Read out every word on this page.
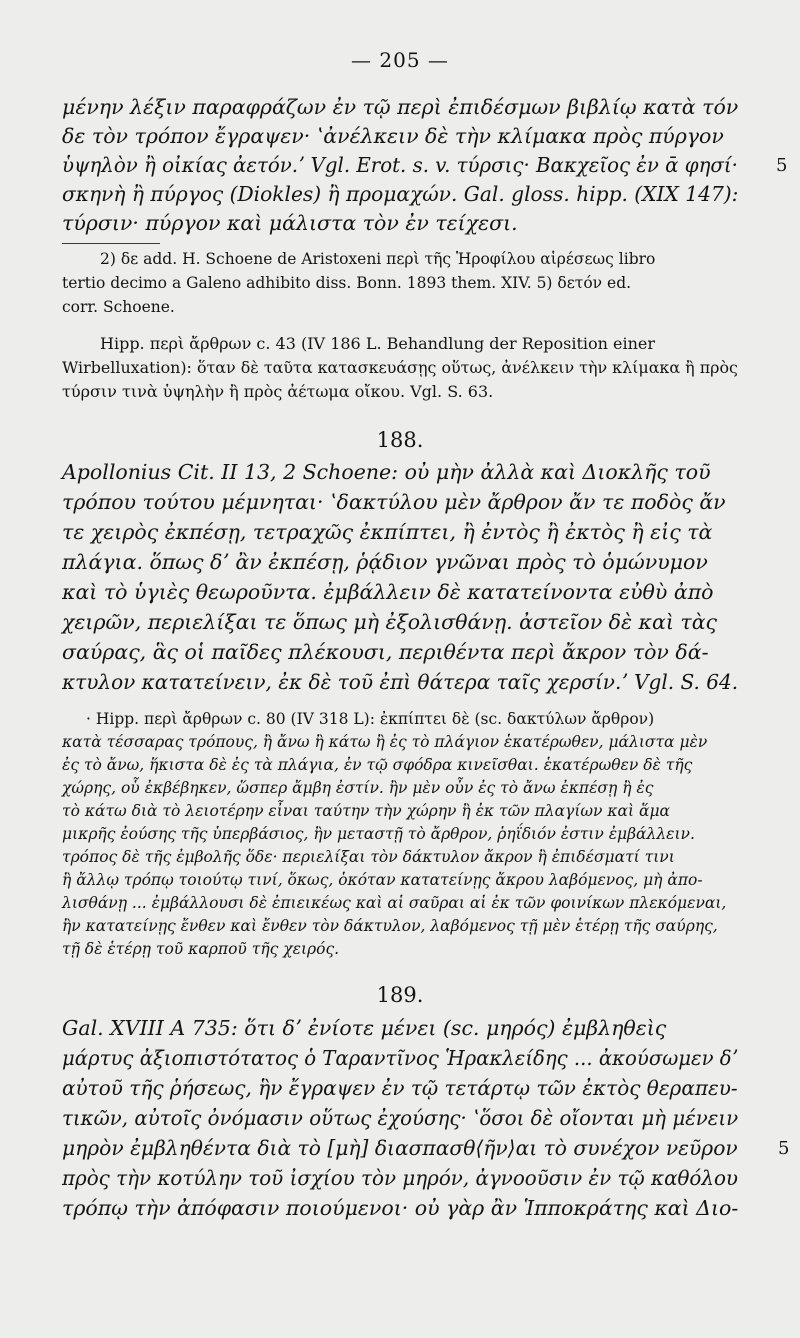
— 205 —
μένην λέξιν παραφράζων ἐν τῷ περὶ ἐπιδέσμων βιβλίῳ κατὰ τόν
δε τὸν τρόπον ἔγραψεν· ʽἀνέλκειν δὲ τὴν κλίμακα πρὸς πύργον
ὑψηλὸν ἢ οἰκίας ἀετόν.ʼ Vgl. Erot. s. v. τύρσις· Βακχεῖος ἐν ᾱ φησί·
σκηνὴ ἢ πύργος (Diokles) ἢ προμαχών. Gal. gloss. hipp. (XIX 147):
τύρσιν· πύργον καὶ μάλιστα τὸν ἐν τείχεσι.
5
2) δε add. H. Schoene de Aristoxeni περὶ τῆς Ἡροφίλου αἱρέσεως libro
tertio decimo a Galeno adhibito diss. Bonn. 1893 them. XIV. 5) δετόν ed.
corr. Schoene.
Hipp. περὶ ἄρθρων c. 43 (IV 186 L. Behandlung der Reposition einer
Wirbelluxation): ὅταν δὲ ταῦτα κατασκευάσῃς οὕτως, ἀνέλκειν τὴν κλίμακα ἢ πρὸς
τύρσιν τινὰ ὑψηλὴν ἢ πρὸς ἀέτωμα οἴκου. Vgl. S. 63.
188.
Apollonius Cit. II 13, 2 Schoene: οὐ μὴν ἀλλὰ καὶ Διοκλῆς τοῦ
τρόπου τούτου μέμνηται· ʽδακτύλου μὲν ἄρθρον ἄν τε ποδὸς ἄν
τε χειρὸς ἐκπέσῃ, τετραχῶς ἐκπίπτει, ἢ ἐντὸς ἢ ἐκτὸς ἢ εἰς τὰ
πλάγια. ὅπως δʼ ἂν ἐκπέσῃ, ῥᾴδιον γνῶναι πρὸς τὸ ὁμώνυμον
καὶ τὸ ὑγιὲς θεωροῦντα. ἐμβάλλειν δὲ κατατείνοντα εὐθὺ ἀπὸ
χειρῶν, περιελίξαι τε ὅπως μὴ ἐξολισθάνῃ. ἀστεῖον δὲ καὶ τὰς
σαύρας, ἃς οἱ παῖδες πλέκουσι, περιθέντα περὶ ἄκρον τὸν δά-
κτυλον κατατείνειν, ἐκ δὲ τοῦ ἐπὶ θάτερα ταῖς χερσίν.ʼ Vgl. S. 64.
· Hipp. περὶ ἄρθρων c. 80 (IV 318 L): ἐκπίπτει δὲ (sc. δακτύλων ἄρθρον)
κατὰ τέσσαρας τρόπους, ἢ ἄνω ἢ κάτω ἢ ἐς τὸ πλάγιον ἑκατέρωθεν, μάλιστα μὲν
ἐς τὸ ἄνω, ἥκιστα δὲ ἐς τὰ πλάγια, ἐν τῷ σφόδρα κινεῖσθαι. ἑκατέρωθεν δὲ τῆς
χώρης, οὗ ἐκβέβηκεν, ὥσπερ ἄμβη ἐστίν. ἢν μὲν οὖν ἐς τὸ ἄνω ἐκπέσῃ ἢ ἐς
τὸ κάτω διὰ τὸ λειοτέρην εἶναι ταύτην τὴν χώρην ἢ ἐκ τῶν πλαγίων καὶ ἅμα
μικρῆς ἐούσης τῆς ὑπερβάσιος, ἢν μεταστῇ τὸ ἄρθρον, ῥηΐδιόν ἐστιν ἐμβάλλειν.
τρόπος δὲ τῆς ἐμβολῆς ὅδε· περιελίξαι τὸν δάκτυλον ἄκρον ἢ ἐπιδέσματί τινι
ἢ ἄλλῳ τρόπῳ τοιούτῳ τινί, ὅκως, ὁκόταν κατατείνῃς ἄκρου λαβόμενος, μὴ ἀπο-
λισθάνῃ ... ἐμβάλλουσι δὲ ἐπιεικέως καὶ αἱ σαῦραι αἱ ἐκ τῶν φοινίκων πλεκόμεναι,
ἢν κατατείνῃς ἔνθεν καὶ ἔνθεν τὸν δάκτυλον, λαβόμενος τῇ μὲν ἑτέρῃ τῆς σαύρης,
τῇ δὲ ἑτέρῃ τοῦ καρποῦ τῆς χειρός.
189.
Gal. XVIII A 735: ὅτι δʼ ἐνίοτε μένει (sc. μηρός) ἐμβληθεὶς
μάρτυς ἀξιοπιστότατος ὁ Ταραντῖνος Ἡρακλείδης ... ἀκούσωμεν δʼ
αὐτοῦ τῆς ῥήσεως, ἣν ἔγραψεν ἐν τῷ τετάρτῳ τῶν ἐκτὸς θεραπευ-
τικῶν, αὐτοῖς ὀνόμασιν οὕτως ἐχούσης· ʽὅσοι δὲ οἴονται μὴ μένειν
μηρὸν ἐμβληθέντα διὰ τὸ [μὴ] διασπασθ⟨ῆν⟩αι τὸ συνέχον νεῦρον
πρὸς τὴν κοτύλην τοῦ ἰσχίου τὸν μηρόν, ἀγνοοῦσιν ἐν τῷ καθόλου
τρόπῳ τὴν ἀπόφασιν ποιούμενοι· οὐ γὰρ ἂν Ἱπποκράτης καὶ Διο-
5
